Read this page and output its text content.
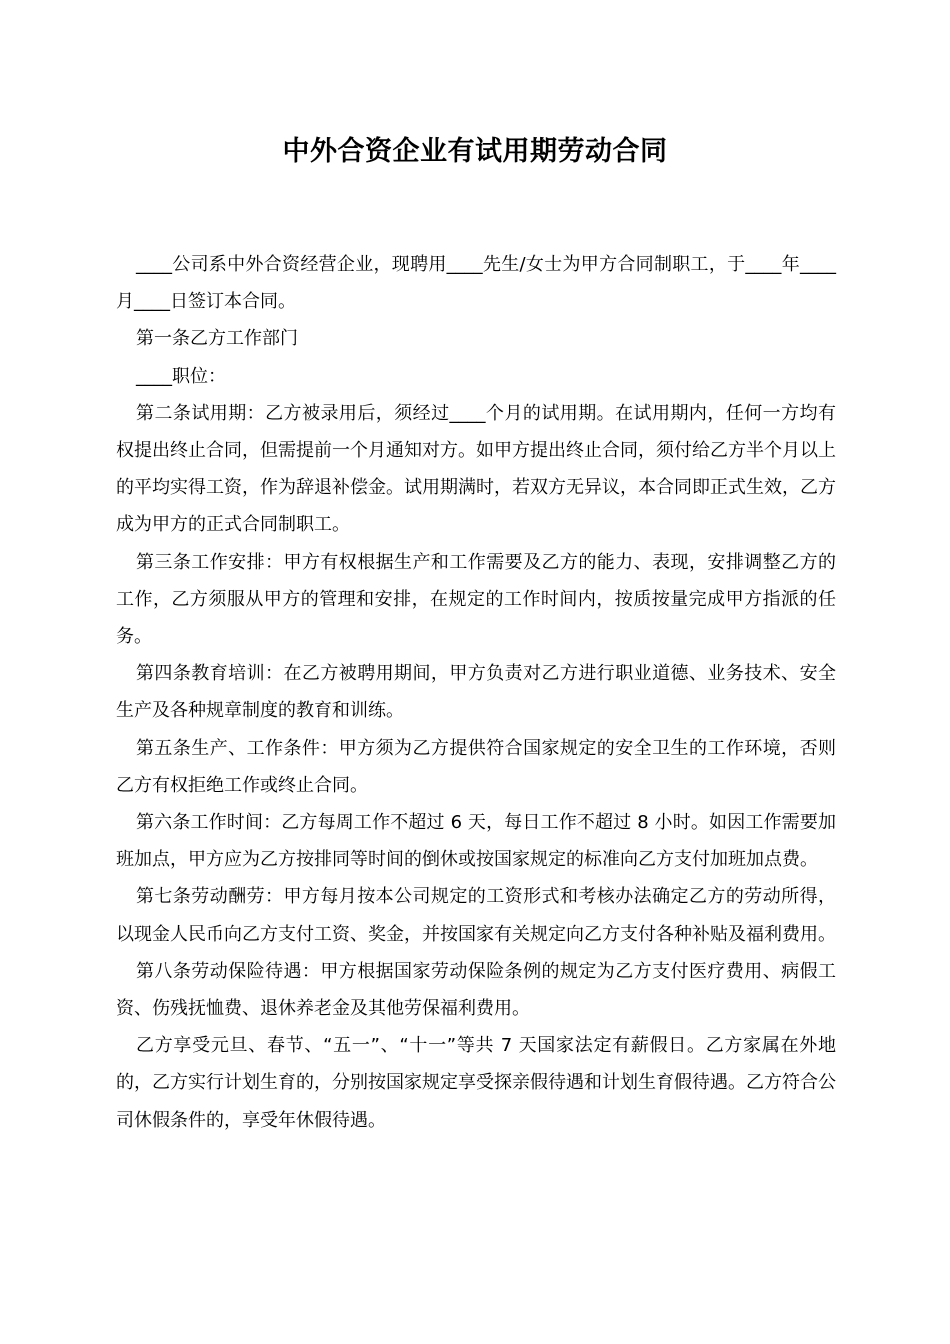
中外合资企业有试用期劳动合同

____公司系中外合资经营企业，现聘用____先生/女士为甲方合同制职工，于____年____月____日签订本合同。

第一条乙方工作部门

____职位：

第二条试用期：乙方被录用后，须经过____个月的试用期。在试用期内，任何一方均有权提出终止合同，但需提前一个月通知对方。如甲方提出终止合同，须付给乙方半个月以上的平均实得工资，作为辞退补偿金。试用期满时，若双方无异议，本合同即正式生效，乙方成为甲方的正式合同制职工。

第三条工作安排：甲方有权根据生产和工作需要及乙方的能力、表现，安排调整乙方的工作，乙方须服从甲方的管理和安排，在规定的工作时间内，按质按量完成甲方指派的任务。

第四条教育培训：在乙方被聘用期间，甲方负责对乙方进行职业道德、业务技术、安全生产及各种规章制度的教育和训练。

第五条生产、工作条件：甲方须为乙方提供符合国家规定的安全卫生的工作环境，否则乙方有权拒绝工作或终止合同。

第六条工作时间：乙方每周工作不超过 6 天，每日工作不超过 8 小时。如因工作需要加班加点，甲方应为乙方按排同等时间的倒休或按国家规定的标准向乙方支付加班加点费。

第七条劳动酬劳：甲方每月按本公司规定的工资形式和考核办法确定乙方的劳动所得，以现金人民币向乙方支付工资、奖金，并按国家有关规定向乙方支付各种补贴及福利费用。

第八条劳动保险待遇：甲方根据国家劳动保险条例的规定为乙方支付医疗费用、病假工资、伤残抚恤费、退休养老金及其他劳保福利费用。

乙方享受元旦、春节、“五一”、“十一”等共 7 天国家法定有薪假日。乙方家属在外地的，乙方实行计划生育的，分别按国家规定享受探亲假待遇和计划生育假待遇。乙方符合公司休假条件的，享受年休假待遇。
